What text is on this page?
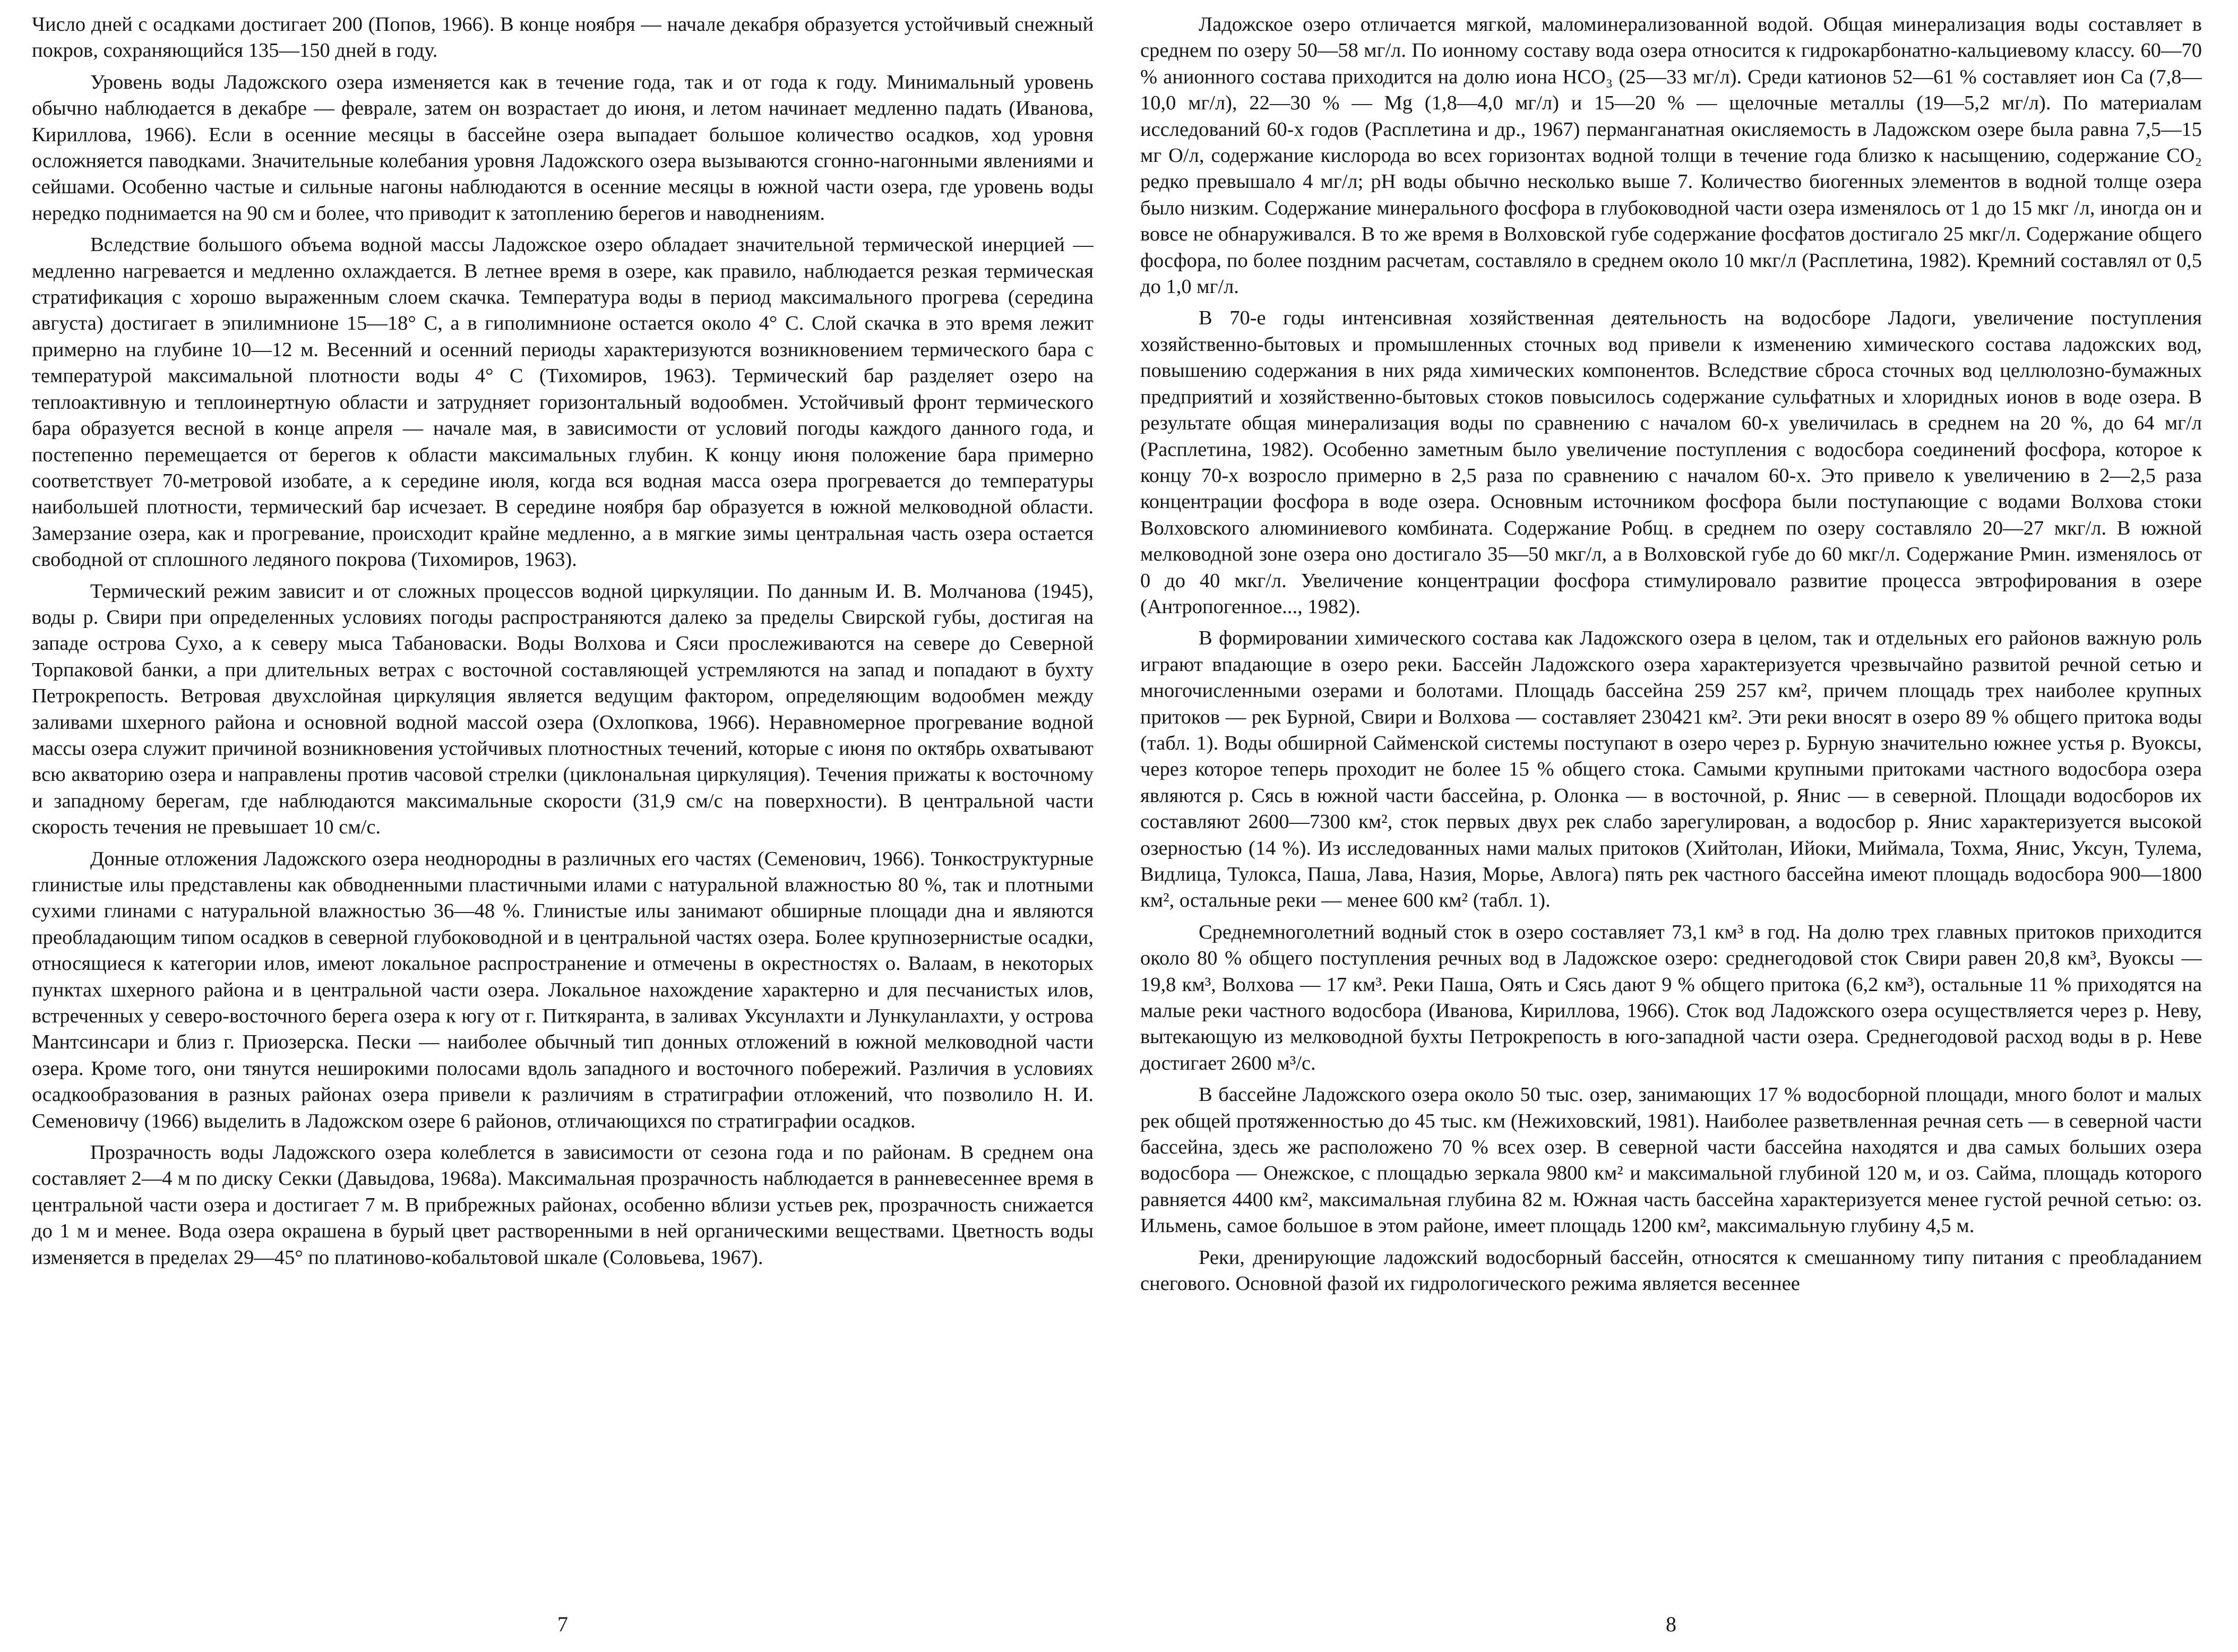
Число дней с осадками достигает 200 (Попов, 1966). В конце ноября — начале декабря образуется устойчивый снежный покров, сохраняющийся 135—150 дней в году.

Уровень воды Ладожского озера изменяется как в течение года, так и от года к году. Минимальный уровень обычно наблюдается в декабре — феврале, затем он возрастает до июня, и летом начинает медленно падать (Иванова, Кириллова, 1966). Если в осенние месяцы в бассейне озера выпадает большое количество осадков, ход уровня осложняется паводками. Значительные колебания уровня Ладожского озера вызываются сгонно-нагонными явлениями и сейшами. Особенно частые и сильные нагоны наблюдаются в осенние месяцы в южной части озера, где уровень воды нередко поднимается на 90 см и более, что приводит к затоплению берегов и наводнениям.

Вследствие большого объема водной массы Ладожское озеро обладает значительной термической инерцией — медленно нагревается и медленно охлаждается. В летнее время в озере, как правило, наблюдается резкая термическая стратификация с хорошо выраженным слоем скачка. Температура воды в период максимального прогрева (середина августа) достигает в эпилимнионе 15—18° С, а в гиполимнионе остается около 4° С. Слой скачка в это время лежит примерно на глубине 10—12 м. Весенний и осенний периоды характеризуются возникновением термического бара с температурой максимальной плотности воды 4° С (Тихомиров, 1963). Термический бар разделяет озеро на теплоактивную и теплоинертную области и затрудняет горизонтальный водообмен. Устойчивый фронт термического бара образуется весной в конце апреля — начале мая, в зависимости от условий погоды каждого данного года, и постепенно перемещается от берегов к области максимальных глубин. К концу июня положение бара примерно соответствует 70-метровой изобате, а к середине июля, когда вся водная масса озера прогревается до температуры наибольшей плотности, термический бар исчезает. В середине ноября бар образуется в южной мелководной области. Замерзание озера, как и прогревание, происходит крайне медленно, а в мягкие зимы центральная часть озера остается свободной от сплошного ледяного покрова (Тихомиров, 1963).

Термический режим зависит и от сложных процессов водной циркуляции. По данным И. В. Молчанова (1945), воды р. Свири при определенных условиях погоды распространяются далеко за пределы Свирской губы, достигая на западе острова Сухо, а к северу мыса Табановаски. Воды Волхова и Сяси прослеживаются на севере до Северной Торпаковой банки, а при длительных ветрах с восточной составляющей устремляются на запад и попадают в бухту Петрокрепость. Ветровая двухслойная циркуляция является ведущим фактором, определяющим водообмен между заливами шхерного района и основной водной массой озера (Охлопкова, 1966). Неравномерное прогревание водной массы озера служит причиной возникновения устойчивых плотностных течений, которые с июня по октябрь охватывают всю акваторию озера и направлены против часовой стрелки (циклональная циркуляция). Течения прижаты к восточному и западному берегам, где наблюдаются максимальные скорости (31,9 см/с на поверхности). В центральной части скорость течения не превышает 10 см/с.

Донные отложения Ладожского озера неоднородны в различных его частях (Семенович, 1966). Тонкоструктурные глинистые илы представлены как обводненными пластичными илами с натуральной влажностью 80 %, так и плотными сухими глинами с натуральной влажностью 36—48 %. Глинистые илы занимают обширные площади дна и являются преобладающим типом осадков в северной глубоководной и в центральной частях озера. Более крупнозернистые осадки, относящиеся к категории илов, имеют локальное распространение и отмечены в окрестностях о. Валаам, в некоторых пунктах шхерного района и в центральной части озера. Локальное нахождение характерно и для песчанистых илов, встреченных у северо-восточного берега озера к югу от г. Питкяранта, в заливах Уксунлахти и Лункуланлахти, у острова Мантсинсари и близ г. Приозерска. Пески — наиболее обычный тип донных отложений в южной мелководной части озера. Кроме того, они тянутся неширокими полосами вдоль западного и восточного побережий. Различия в условиях осадкообразования в разных районах озера привели к различиям в стратиграфии отложений, что позволило Н. И. Семеновичу (1966) выделить в Ладожском озере 6 районов, отличающихся по стратиграфии осадков.

Прозрачность воды Ладожского озера колеблется в зависимости от сезона года и по районам. В среднем она составляет 2—4 м по диску Секки (Давыдова, 1968а). Максимальная прозрачность наблюдается в ранневесеннее время в центральной части озера и достигает 7 м. В прибрежных районах, особенно вблизи устьев рек, прозрачность снижается до 1 м и менее. Вода озера окрашена в бурый цвет растворенными в ней органическими веществами. Цветность воды изменяется в пределах 29—45° по платиново-кобальтовой шкале (Соловьева, 1967).

7

Ладожское озеро отличается мягкой, маломинерализованной водой. Общая минерализация воды составляет в среднем по озеру 50—58 мг/л. По ионному составу вода озера относится к гидрокарбонатно-кальциевому классу. 60—70 % анионного состава приходится на долю иона НСО₃ (25—33 мг/л). Среди катионов 52—61 % составляет ион Са (7,8—10,0 мг/л), 22—30 % — Mg (1,8—4,0 мг/л) и 15—20 % — щелочные металлы (19—5,2 мг/л). По материалам исследований 60-х годов (Расплетина и др., 1967) перманганатная окисляемость в Ладожском озере была равна 7,5—15 мг О/л, содержание кислорода во всех горизонтах водной толщи в течение года близко к насыщению, содержание СО₂ редко превышало 4 мг/л; рН воды обычно несколько выше 7. Количество биогенных элементов в водной толще озера было низким. Содержание минерального фосфора в глубоководной части озера изменялось от 1 до 15 мкг /л, иногда он и вовсе не обнаруживался. В то же время в Волховской губе содержание фосфатов достигало 25 мкг/л. Содержание общего фосфора, по более поздним расчетам, составляло в среднем около 10 мкг/л (Расплетина, 1982). Кремний составлял от 0,5 до 1,0 мг/л.

В 70-е годы интенсивная хозяйственная деятельность на водосборе Ладоги, увеличение поступления хозяйственно-бытовых и промышленных сточных вод привели к изменению химического состава ладожских вод, повышению содержания в них ряда химических компонентов. Вследствие сброса сточных вод целлюлозно-бумажных предприятий и хозяйственно-бытовых стоков повысилось содержание сульфатных и хлоридных ионов в воде озера. В результате общая минерализация воды по сравнению с началом 60-х увеличилась в среднем на 20 %, до 64 мг/л (Расплетина, 1982). Особенно заметным было увеличение поступления с водосбора соединений фосфора, которое к концу 70-х возросло примерно в 2,5 раза по сравнению с началом 60-х. Это привело к увеличению в 2—2,5 раза концентрации фосфора в воде озера. Основным источником фосфора были поступающие с водами Волхова стоки Волховского алюминиевого комбината. Содержание Робщ. в среднем по озеру составляло 20—27 мкг/л. В южной мелководной зоне озера оно достигало 35—50 мкг/л, а в Волховской губе до 60 мкг/л. Содержание Рмин. изменялось от 0 до 40 мкг/л. Увеличение концентрации фосфора стимулировало развитие процесса эвтрофирования в озере (Антропогенное..., 1982).

В формировании химического состава как Ладожского озера в целом, так и отдельных его районов важную роль играют впадающие в озеро реки. Бассейн Ладожского озера характеризуется чрезвычайно развитой речной сетью и многочисленными озерами и болотами. Площадь бассейна 259 257 км², причем площадь трех наиболее крупных притоков — рек Бурной, Свири и Волхова — составляет 230421 км². Эти реки вносят в озеро 89 % общего притока воды (табл. 1). Воды обширной Сайменской системы поступают в озеро через р. Бурную значительно южнее устья р. Вуоксы, через которое теперь проходит не более 15 % общего стока. Самыми крупными притоками частного водосбора озера являются р. Сясь в южной части бассейна, р. Олонка — в восточной, р. Янис — в северной. Площади водосборов их составляют 2600—7300 км², сток первых двух рек слабо зарегулирован, а водосбор р. Янис характеризуется высокой озерностью (14 %). Из исследованных нами малых притоков (Хийтолан, Ийоки, Миймала, Тохма, Янис, Уксун, Тулема, Видлица, Тулокса, Паша, Лава, Назия, Морье, Авлога) пять рек частного бассейна имеют площадь водосбора 900—1800 км², остальные реки — менее 600 км² (табл. 1).

Среднемноголетний водный сток в озеро составляет 73,1 км³ в год. На долю трех главных притоков приходится около 80 % общего поступления речных вод в Ладожское озеро: среднегодовой сток Свири равен 20,8 км³, Вуоксы — 19,8 км³, Волхова — 17 км³. Реки Паша, Оять и Сясь дают 9 % общего притока (6,2 км³), остальные 11 % приходятся на малые реки частного водосбора (Иванова, Кириллова, 1966). Сток вод Ладожского озера осуществляется через р. Неву, вытекающую из мелководной бухты Петрокрепость в юго-западной части озера. Среднегодовой расход воды в р. Неве достигает 2600 м³/с.

В бассейне Ладожского озера около 50 тыс. озер, занимающих 17 % водосборной площади, много болот и малых рек общей протяженностью до 45 тыс. км (Нежиховский, 1981). Наиболее разветвленная речная сеть — в северной части бассейна, здесь же расположено 70 % всех озер. В северной части бассейна находятся и два самых больших озера водосбора — Онежское, с площадью зеркала 9800 км² и максимальной глубиной 120 м, и оз. Сайма, площадь которого равняется 4400 км², максимальная глубина 82 м. Южная часть бассейна характеризуется менее густой речной сетью: оз. Ильмень, самое большое в этом районе, имеет площадь 1200 км², максимальную глубину 4,5 м.

Реки, дренирующие ладожский водосборный бассейн, относятся к смешанному типу питания с преобладанием снегового. Основной фазой их гидрологического режима является весеннее

8
